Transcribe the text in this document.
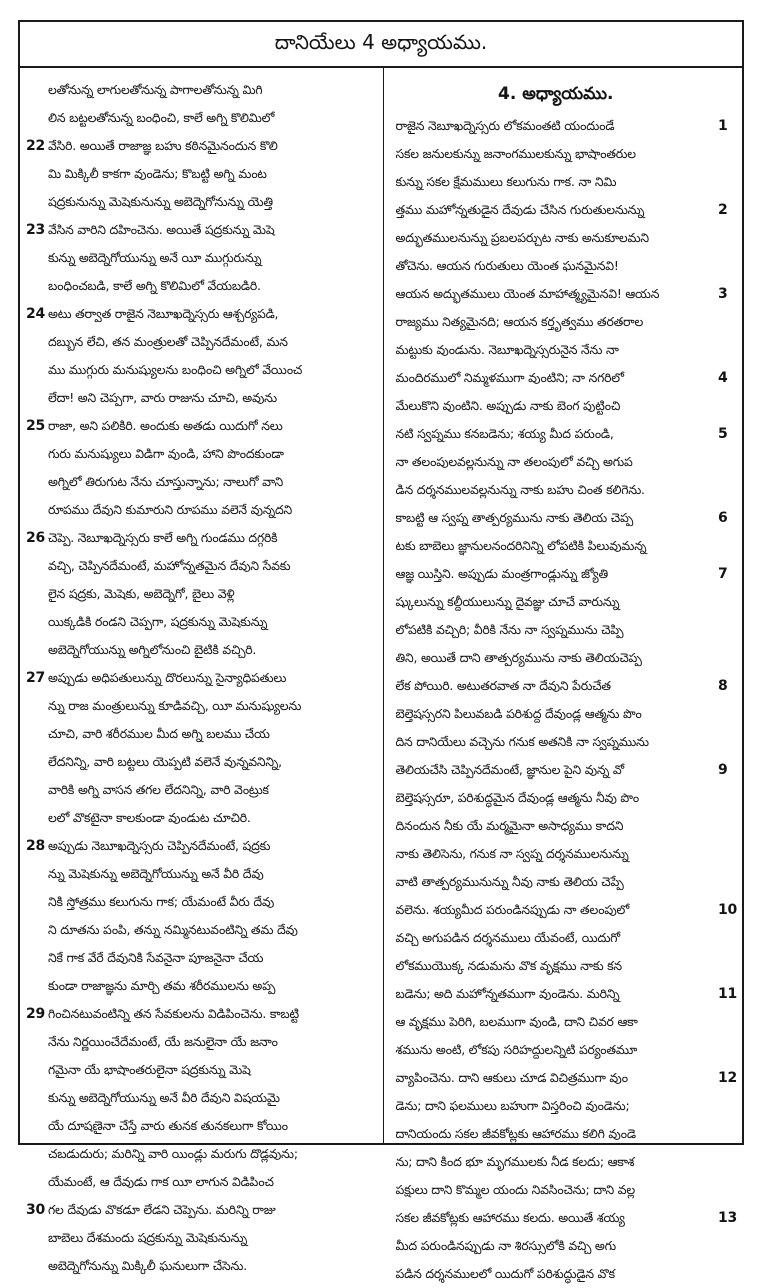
దానియేలు 4 అధ్యాయము.
లతోనున్న లాగులతోనున్న పాగాలతోనున్న మిగి
లిన బట్టలతోనున్న బంధించి, కాలే అగ్ని కొలిమిలో
22 వేసిరి. అయితే రాజాజ్ఞ బహు కఠినమైనందున కొలి
మి మిక్కిలీ కాకగా వుండెను; కొబట్టి అగ్ని మంట
షద్రకునున్ను మెషెకునున్ను అబెద్నెగోనున్ను యెత్తి
23 వేసిన వారిని దహించెను. అయితే షద్రకున్ను మెషె
కున్ను అబెద్నెగోయున్ను అనే యీ ముగ్గురున్ను
బంధించబడి, కాలే అగ్ని కొలిమిలో వేయబడిరి.
24 అటు తర్వాత రాజైన నెబూఖద్నెస్సరు ఆశ్చర్యపడి,
దబ్బున లేచి, తన మంత్రులతో చెప్పినదేమంటే, మన
ము ముగ్గురు మనుష్యులను బంధించి అగ్నిలో వేయించ
లేదా! అని చెప్పగా, వారు రాజును చూచి, అవును
25 రాజా, అని పలికిరి. అందుకు అతడు యిదుగో నలు
గురు మనుష్యులు విడిగా వుండి, హాని పొందకుండా
అగ్నిలో తిరుగుట నేను చూస్తున్నాను; నాలుగో వాని
రూపము దేవుని కుమారుని రూపము వలెనే వున్నదని
26 చెప్పె. నెబూఖద్నెస్సరు కాలే అగ్ని గుండము దగ్గరికి
వచ్చి, చెప్పినదేమంటే, మహోన్నతమైన దేవుని సేవకు
లైన షద్రకు, మెషెకు, అబెద్నెగో, బైలు వెళ్లి
యిక్కడికి రండని చెప్పగా, షద్రకున్ను మెషెకున్ను
అబెద్నెగోయున్ను అగ్నిలోనుంచి బైటికి వచ్చిరి.
27 అప్పుడు అధిపతులున్ను దొరలున్ను సైన్యాధిపతులు
న్ను రాజ మంత్రులున్ను కూడివచ్చి, యీ మనుష్యులను
చూచి, వారి శరీరముల మీద అగ్ని బలము చేయ
లేదనిన్ని, వారి బట్టలు యెప్పటి వలెనే వున్నవనిన్ని,
వారికి అగ్ని వాసన తగల లేదనిన్ని, వారి వెంట్రుక
లలో వొకటైనా కాలకుండా వుండుట చూచిరి.
28 అప్పుడు నెబూఖద్నెస్సరు చెప్పినదేమంటే, షద్రకు
న్ను మెషెకున్ను అబెద్నెగోయున్ను అనే వీరి దేవు
నికి స్తోత్రము కలుగును గాక; యేమంటే వీరు దేవు
ని దూతను పంపి, తన్ను నమ్మినటువంటిన్ని తమ దేవు
నికే గాక వేరే దేవునికి సేవనైనా పూజనైనా చేయ
కుండా రాజాజ్ఞను మార్చి తమ శరీరములను అప్ప
29 గించినటువంటిన్ని తన సేవకులను విడిపించెను. కాబట్టి
నేను నిర్ణయించేదేమంటే, యే జనులైనా యే జనాం
గమైనా యే భాషాంతరులైనా షద్రకున్ను మెషె
కున్ను అబెద్నెగోయున్ను అనే వీరి దేవుని విషయమై
యే దూషణైనా చేస్తే వారు తునక తునకలుగా కోయిం
చబడుదురు; మరిన్ని వారి యిండ్లు మరుగు దొడ్లవును;
యేమంటే, ఆ దేవుడు గాక యీ లాగున విడిపించ
30 గల దేవుడు వొకడూ లేడని చెప్పెను. మరిన్ని రాజు
బాబెలు దేశమందు షద్రకున్ను మెషెకునున్ను
అబెద్నెగోనున్ను మిక్కిలీ ఘనులుగా చేసెను.
4. అధ్యాయము.
రాజైన నెబూఖద్నెస్సరు లోకమంతటి యందుండే	1
సకల జనులకున్ను జనాంగములకున్ను భాషాంతరుల
కున్ను సకల క్షేమములు కలుగును గాక. నా నిమి
త్తము మహోన్నతుడైన దేవుడు చేసిన గురుతులనున్ను	2
అద్భుతములనున్ను ప్రబలపర్చుట నాకు అనుకూలమని
తోచెను. ఆయన గురుతులు యెంత ఘనమైనవి!
ఆయన అద్భుతములు యెంత మాహాత్మ్యమైనవి! ఆయన	3
రాజ్యము నిత్యమైనది; ఆయన కర్తృత్వము తరతరాల
మట్టుకు వుండును. నెబూఖద్నెస్సరునైన నేను నా
మందిరములో నిమ్మళముగా వుంటిని; నా నగరిలో	4
మేలుకొని వుంటిని. అప్పుడు నాకు బెంగ పుట్టించి
నటి స్వప్నము కనబడెను; శయ్య మీద పరుండి,	5
నా తలంపులవల్లనున్ను నా తలంపులో వచ్చి అగుప
డిన దర్శనములవల్లనున్ను నాకు బహు చింత కలిగెను.
కాబట్టి ఆ స్వప్న తాత్పర్యమును నాకు తెలియ చెప్ప	6
టకు బాబెలు జ్ఞానులనందరినిన్ని లోపటికి పిలువుమన్న
ఆజ్ఞ యిస్తిని. అప్పుడు మంత్రగాండ్లున్ను జ్యోతి	7
ష్కులున్ను కల్దీయులున్ను దైవజ్ఞు చూచే వారున్ను
లోపటికి వచ్చిరి; వీరికి నేను నా స్వప్నమును చెప్పి
తిని, అయితే దాని తాత్పర్యమును నాకు తెలియచెప్ప
లేక పోయిరి. అటుతరవాత నా దేవుని పేరుచేత	8
బెల్తెషస్సరని పిలువబడి పరిశుద్ద దేవుండ్ల ఆత్మను పొం
దిన దానియేలు వచ్చెను గనుక అతనికి నా స్వప్నమును
తెలియచేసి చెప్పినదేమంటే, జ్ఞానుల పైని వున్న వో	9
బెల్తెషస్సరూ, పరిశుద్ధమైన దేవుండ్ల ఆత్మను నీవు పొం
దినందున నీకు యే మర్మమైనా అసాధ్యము కాదని
నాకు తెలిసెను, గనుక నా స్వప్న దర్శనములనున్ను
వాటి తాత్పర్యమునున్ను నీవు నాకు తెలియ చెప్పే
వలెను. శయ్యమీద పరుండినప్పుడు నా తలంపులో	10
వచ్చి అగుపడిన దర్శనములు యేవంటే, యిదుగో
లోకముయొక్క నడుమను వొక వృక్షము నాకు కన
బడెను; అది మహోన్నతముగా వుండెను. మరిన్ని	11
ఆ వృక్షము పెరిగి, బలముగా వుండి, దాని చివర ఆకా
శమును అంటి, లోకపు సరిహద్దులన్నిటి పర్యంతమూ
వ్యాపించెను. దాని ఆకులు చూడ విచిత్రముగా వుం	12
డెను; దాని ఫలములు బహుగా విస్తరించి వుండెను;
దానియందు సకల జీవకోట్లకు ఆహారము కలిగి వుండె
ను; దాని కింద భూ మృగములకు నీడ కలదు; ఆకాశ
పక్షులు దాని కొమ్మల యందు నివసించెను; దాని వల్ల
సకల జీవకోట్లకు ఆహారము కలదు. అయితే శయ్య	13
మీద పరుండినప్పుడు నా శిరస్సులోకి వచ్చి అగు
పడిన దర్శనములలో యిదుగో పరిశుద్ధుడైన వొక
